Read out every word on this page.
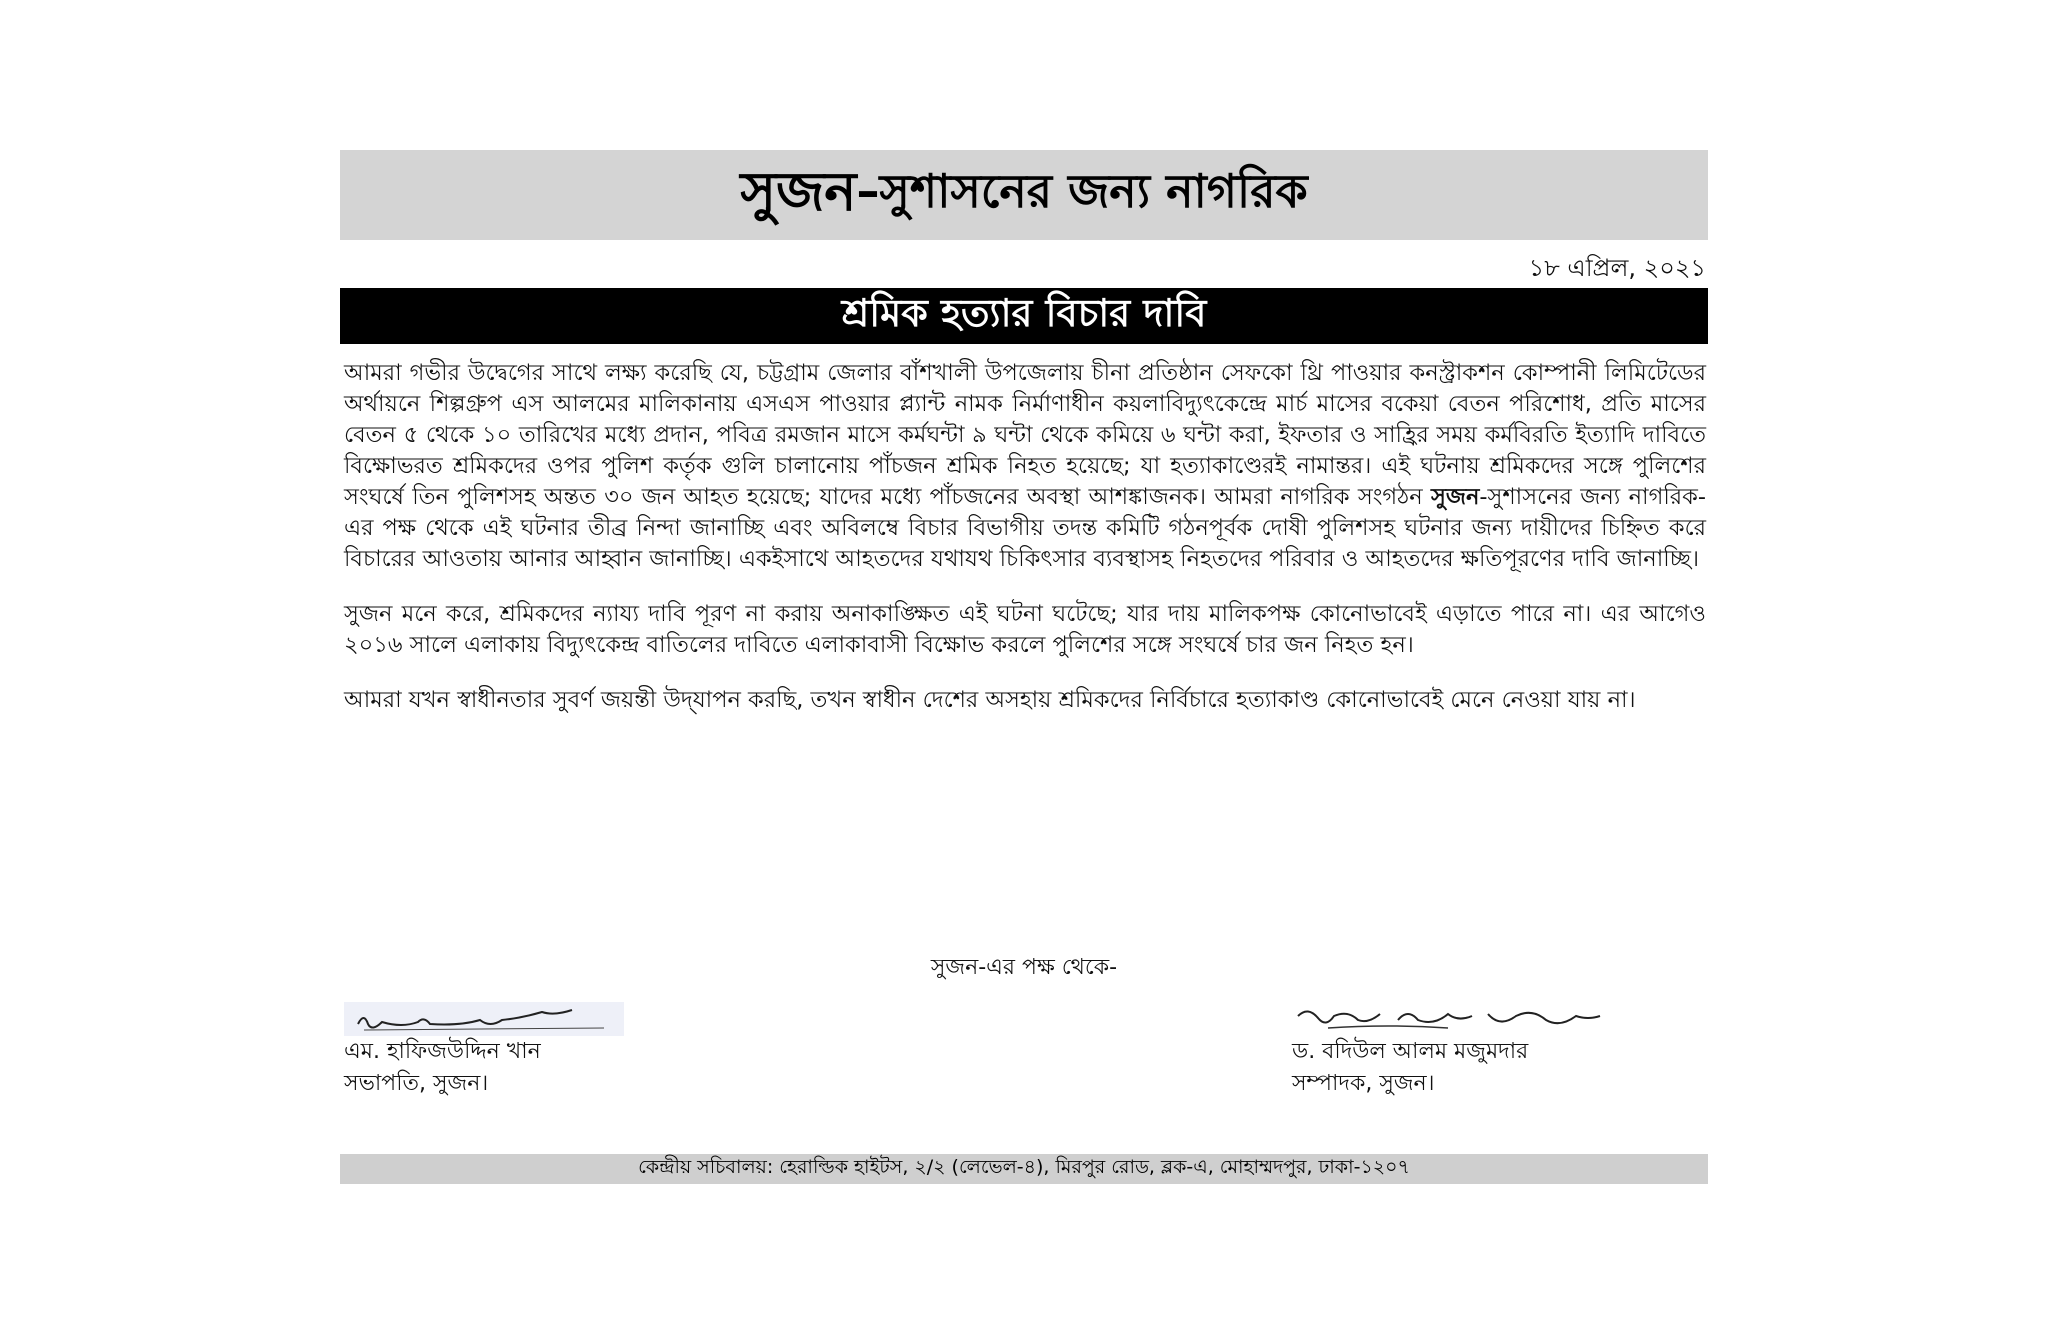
সুজন –সুশাসনের জন্য নাগরিক
১৮ এপ্রিল, ২০২১
শ্রমিক হত্যার বিচার দাবি

আমরা গভীর উদ্বেগের সাথে লক্ষ্য করেছি যে, চট্টগ্রাম জেলার বাঁশখালী উপজেলায় চীনা প্রতিষ্ঠান সেফকো থ্রি পাওয়ার কনস্ট্রাকশন কোম্পানী লিমিটেডের অর্থায়নে শিল্পগ্রুপ এস আলমের মালিকানায় এসএস পাওয়ার প্ল্যান্ট নামক নির্মাণাধীন কয়লাবিদ্যুৎকেন্দ্রে মার্চ মাসের বকেয়া বেতন পরিশোধ, প্রতি মাসের বেতন ৫ থেকে ১০ তারিখের মধ্যে প্রদান, পবিত্র রমজান মাসে কর্মঘন্টা ৯ ঘন্টা থেকে কমিয়ে ৬ ঘন্টা করা, ইফতার ও সাহ্রির সময় কর্মবিরতি ইত্যাদি দাবিতে বিক্ষোভরত শ্রমিকদের ওপর পুলিশ কর্তৃক গুলি চালানোয় পাঁচজন শ্রমিক নিহত হয়েছে; যা হত্যাকাণ্ডেরই নামান্তর। এই ঘটনায় শ্রমিকদের সঙ্গে পুলিশের সংঘর্ষে তিন পুলিশসহ অন্তত ৩০ জন আহত হয়েছে; যাদের মধ্যে পাঁচজনের অবস্থা আশঙ্কাজনক। আমরা নাগরিক সংগঠন সুজন-সুশাসনের জন্য নাগরিক-এর পক্ষ থেকে এই ঘটনার তীব্র নিন্দা জানাচ্ছি এবং অবিলম্বে বিচার বিভাগীয় তদন্ত কমিটি গঠনপূর্বক দোষী পুলিশসহ ঘটনার জন্য দায়ীদের চিহ্নিত করে বিচারের আওতায় আনার আহ্বান জানাচ্ছি। একইসাথে আহতদের যথাযথ চিকিৎসার ব্যবস্থাসহ নিহতদের পরিবার ও আহতদের ক্ষতিপূরণের দাবি জানাচ্ছি।

সুজন মনে করে, শ্রমিকদের ন্যায্য দাবি পূরণ না করায় অনাকাঙ্ক্ষিত এই ঘটনা ঘটেছে; যার দায় মালিকপক্ষ কোনোভাবেই এড়াতে পারে না। এর আগেও ২০১৬ সালে এলাকায় বিদ্যুৎকেন্দ্র বাতিলের দাবিতে এলাকাবাসী বিক্ষোভ করলে পুলিশের সঙ্গে সংঘর্ষে চার জন নিহত হন।

আমরা যখন স্বাধীনতার সুবর্ণ জয়ন্তী উদ্‌যাপন করছি, তখন স্বাধীন দেশের অসহায় শ্রমিকদের নির্বিচারে হত্যাকাণ্ড কোনোভাবেই মেনে নেওয়া যায় না।

সুজন-এর পক্ষ থেকে-
এম. হাফিজউদ্দিন খান
সভাপতি, সুজন।
ড. বদিউল আলম মজুমদার
সম্পাদক, সুজন।
কেন্দ্রীয় সচিবালয়: হেরাল্ডিক হাইটস, ২/২ (লেভেল-৪), মিরপুর রোড, ব্লক-এ, মোহাম্মদপুর, ঢাকা-১২০৭
